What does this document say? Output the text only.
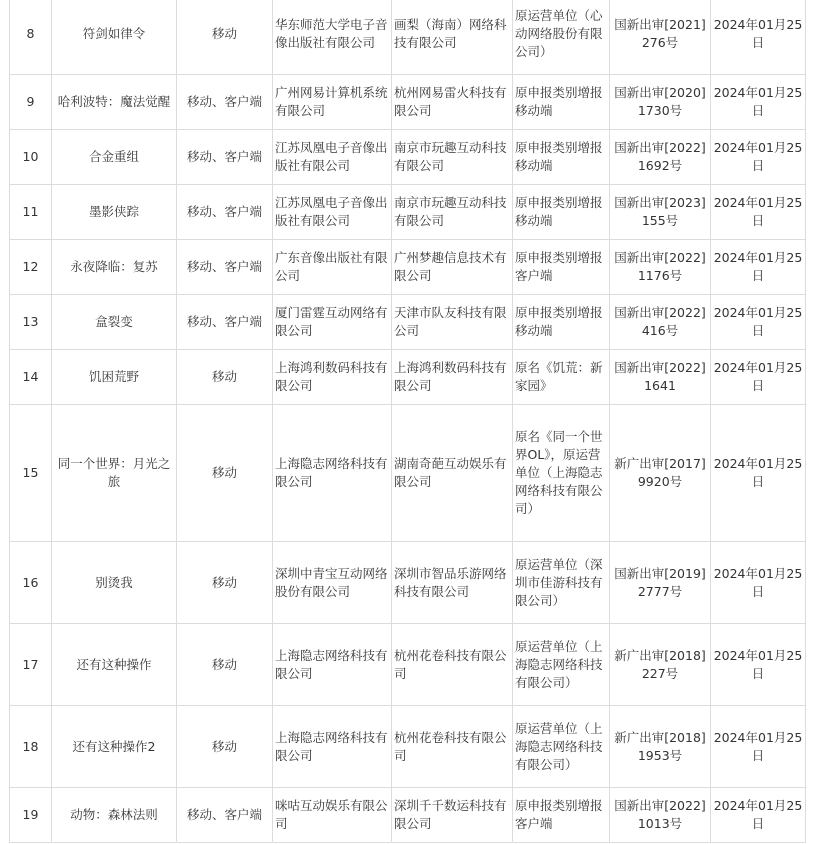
8	符剑如律令	移动	华东师范大学电子音像出版社有限公司	画梨（海南）网络科技有限公司	原运营单位（心动网络股份有限公司）	国新出审[2021]276号	2024年01月25日
9	哈利波特：魔法觉醒	移动、客户端	广州网易计算机系统有限公司	杭州网易雷火科技有限公司	原申报类别增报移动端	国新出审[2020]1730号	2024年01月25日
10	合金重组	移动、客户端	江苏凤凰电子音像出版社有限公司	南京市玩趣互动科技有限公司	原申报类别增报移动端	国新出审[2022]1692号	2024年01月25日
11	墨影侠踪	移动、客户端	江苏凤凰电子音像出版社有限公司	南京市玩趣互动科技有限公司	原申报类别增报移动端	国新出审[2023]155号	2024年01月25日
12	永夜降临：复苏	移动、客户端	广东音像出版社有限公司	广州梦趣信息技术有限公司	原申报类别增报客户端	国新出审[2022]1176号	2024年01月25日
13	盒裂变	移动、客户端	厦门雷霆互动网络有限公司	天津市队友科技有限公司	原申报类别增报移动端	国新出审[2022]416号	2024年01月25日
14	饥困荒野	移动	上海鸿利数码科技有限公司	上海鸿利数码科技有限公司	原名《饥荒：新家园》	国新出审[2022]1641	2024年01月25日
15	同一个世界：月光之旅	移动	上海隐志网络科技有限公司	湖南奇葩互动娱乐有限公司	原名《同一个世界OL》，原运营单位（上海隐志网络科技有限公司）	新广出审[2017]9920号	2024年01月25日
16	别烫我	移动	深圳中青宝互动网络股份有限公司	深圳市智品乐游网络科技有限公司	原运营单位（深圳市佳游科技有限公司）	国新出审[2019]2777号	2024年01月25日
17	还有这种操作	移动	上海隐志网络科技有限公司	杭州花卷科技有限公司	原运营单位（上海隐志网络科技有限公司）	新广出审[2018]227号	2024年01月25日
18	还有这种操作2	移动	上海隐志网络科技有限公司	杭州花卷科技有限公司	原运营单位（上海隐志网络科技有限公司）	新广出审[2018]1953号	2024年01月25日
19	动物：森林法则	移动、客户端	咪咕互动娱乐有限公司	深圳千千数运科技有限公司	原申报类别增报客户端	国新出审[2022]1013号	2024年01月25日
